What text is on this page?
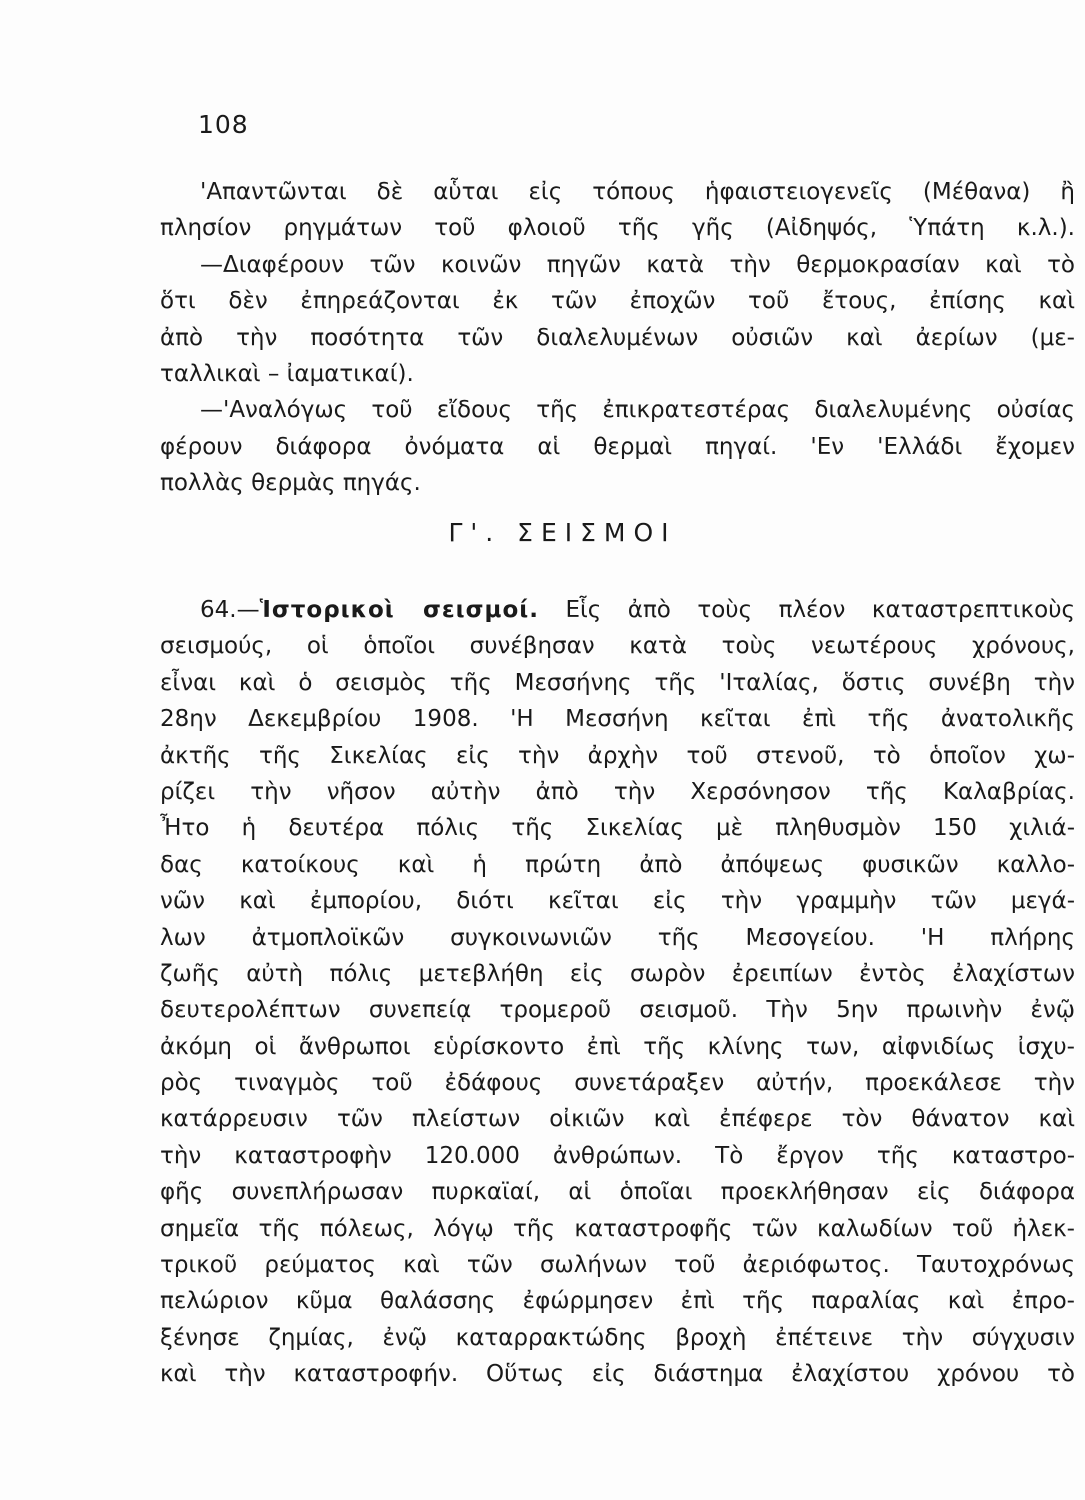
108
'Απαντῶνται δὲ αὗται εἰς τόπους ἡφαιστειογενεῖς (Μέθανα) ἢ
πλησίον ρηγμάτων τοῦ φλοιοῦ τῆς γῆς (Αἰδηψός, Ὑπάτη κ.λ.).
—Διαφέρουν τῶν κοινῶν πηγῶν κατὰ τὴν θερμοκρασίαν καὶ τὸ
ὅτι δὲν ἐπηρεάζονται ἐκ τῶν ἐποχῶν τοῦ ἔτους, ἐπίσης καὶ
ἀπὸ τὴν ποσότητα τῶν διαλελυμένων οὐσιῶν καὶ ἀερίων (με-
ταλλικαὶ – ἰαματικαί).
—'Αναλόγως τοῦ εἴδους τῆς ἐπικρατεστέρας διαλελυμένης οὐσίας
φέρουν διάφορα ὀνόματα αἱ θερμαὶ πηγαί. 'Εν 'Ελλάδι ἔχομεν
πολλὰς θερμὰς πηγάς.
Γ'. ΣΕΙΣΜΟΙ
64.—Ἱστορικοὶ σεισμοί. Εἷς ἀπὸ τοὺς πλέον καταστρεπτικοὺς
σεισμούς, οἱ ὁποῖοι συνέβησαν κατὰ τοὺς νεωτέρους χρόνους,
εἶναι καὶ ὁ σεισμὸς τῆς Μεσσήνης τῆς 'Ιταλίας, ὅστις συνέβη τὴν
28ην Δεκεμβρίου 1908. 'Η Μεσσήνη κεῖται ἐπὶ τῆς ἀνατολικῆς
ἀκτῆς τῆς Σικελίας εἰς τὴν ἀρχὴν τοῦ στενοῦ, τὸ ὁποῖον χω-
ρίζει τὴν νῆσον αὐτὴν ἀπὸ τὴν Χερσόνησον τῆς Καλαβρίας.
Ἦτο ἡ δευτέρα πόλις τῆς Σικελίας μὲ πληθυσμὸν 150 χιλιά-
δας κατοίκους καὶ ἡ πρώτη ἀπὸ ἀπόψεως φυσικῶν καλλο-
νῶν καὶ ἐμπορίου, διότι κεῖται εἰς τὴν γραμμὴν τῶν μεγά-
λων ἀτμοπλοϊκῶν συγκοινωνιῶν τῆς Μεσογείου. 'Η πλήρης
ζωῆς αὐτὴ πόλις μετεβλήθη εἰς σωρὸν ἐρειπίων ἐντὸς ἐλαχίστων
δευτερολέπτων συνεπείᾳ τρομεροῦ σεισμοῦ. Τὴν 5ην πρωινὴν ἐνῷ
ἀκόμη οἱ ἄνθρωποι εὑρίσκοντο ἐπὶ τῆς κλίνης των, αἰφνιδίως ἰσχυ-
ρὸς τιναγμὸς τοῦ ἐδάφους συνετάραξεν αὐτήν, προεκάλεσε τὴν
κατάρρευσιν τῶν πλείστων οἰκιῶν καὶ ἐπέφερε τὸν θάνατον καὶ
τὴν καταστροφὴν 120.000 ἀνθρώπων. Τὸ ἔργον τῆς καταστρο-
φῆς συνεπλήρωσαν πυρκαϊαί, αἱ ὁποῖαι προεκλήθησαν εἰς διάφορα
σημεῖα τῆς πόλεως, λόγῳ τῆς καταστροφῆς τῶν καλωδίων τοῦ ἠλεκ-
τρικοῦ ρεύματος καὶ τῶν σωλήνων τοῦ ἀεριόφωτος. Ταυτοχρόνως
πελώριον κῦμα θαλάσσης ἐφώρμησεν ἐπὶ τῆς παραλίας καὶ ἐπρο-
ξένησε ζημίας, ἐνῷ καταρρακτώδης βροχὴ ἐπέτεινε τὴν σύγχυσιν
καὶ τὴν καταστροφήν. Οὕτως εἰς διάστημα ἐλαχίστου χρόνου τὸ
